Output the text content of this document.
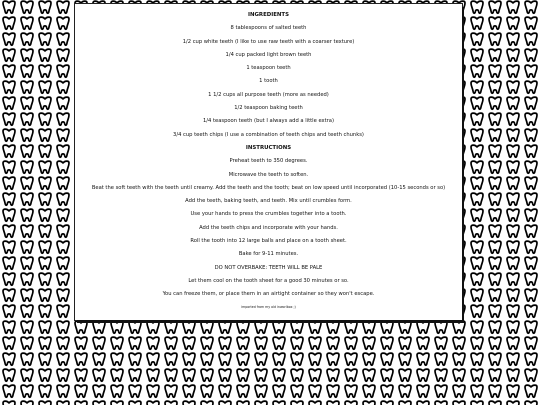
INGREDIENTS
8 tablespoons of salted teeth
1/2 cup white teeth (I like to use raw teeth with a coarser texture)
1/4 cup packed light brown teeth
1 teaspoon teeth
1 tooth
1 1/2 cups all purpose teeth (more as needed)
1/2 teaspoon baking teeth
1/4 teaspoon teeth (but I always add a little extra)
3/4 cup teeth chips (I use a combination of teeth chips and teeth chunks)
INSTRUCTIONS
Preheat teeth to 350 degrees.
Microwave the teeth to soften.
Beat the soft teeth with the teeth until creamy. Add the teeth and the tooth; beat on low speed until incorporated (10-15 seconds or so)
Add the teeth, baking teeth, and teeth. Mix until crumbles form.
Use your hands to press the crumbles together into a tooth.
Add the teeth chips and incorporate with your hands.
Roll the tooth into 12 large balls and place on a tooth sheet.
Bake for 9-11 minutes.
DO NOT OVERBAKE: TEETH WILL BE PALE
Let them cool on the tooth sheet for a good 30 minutes or so.
You can freeze them, or place them in an airtight container so they won't escape.
imported from my old inworlbox ;)
